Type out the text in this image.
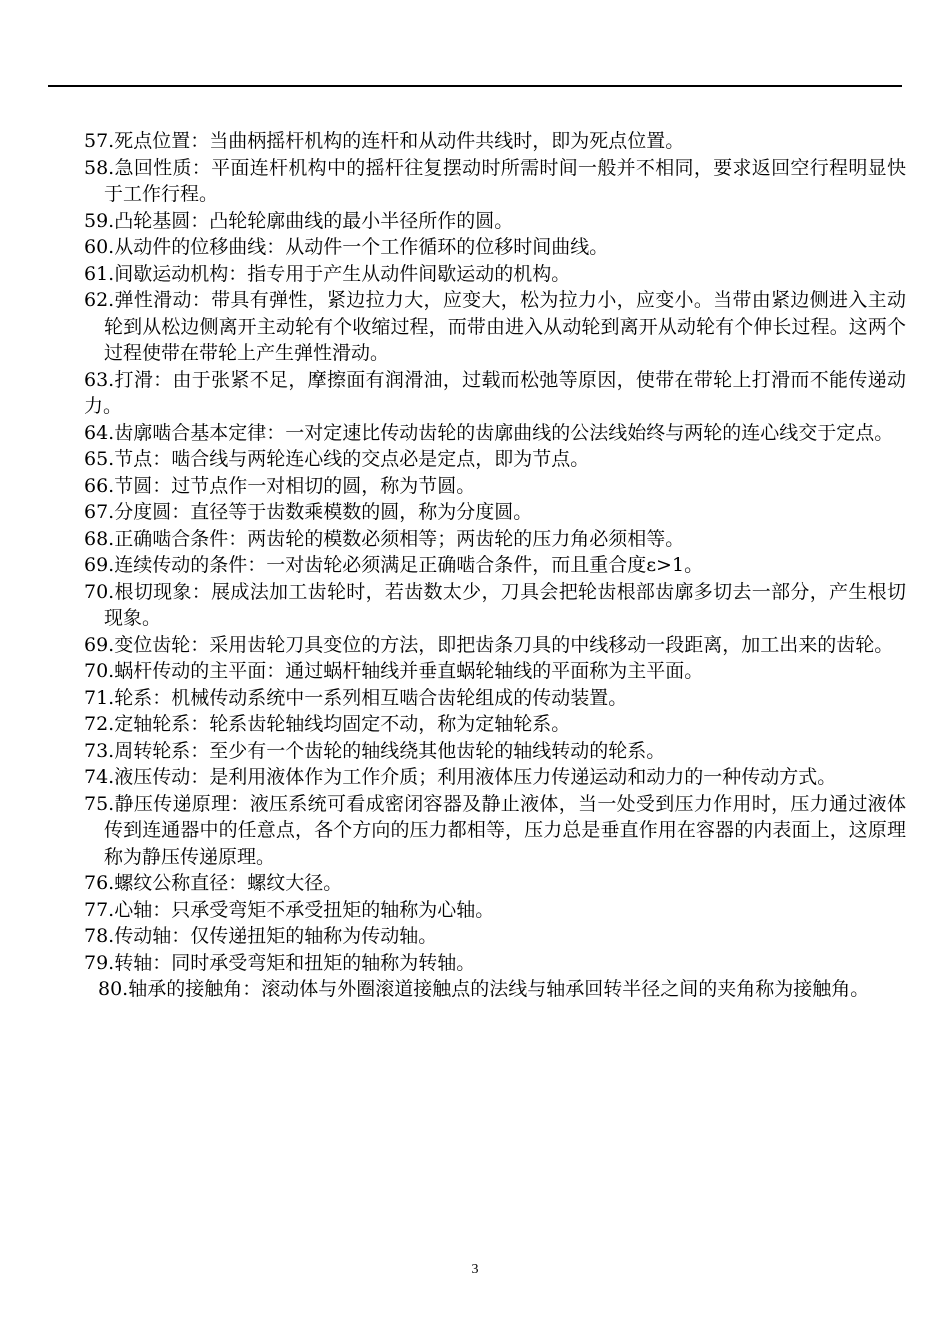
57.死点位置：当曲柄摇杆机构的连杆和从动件共线时，即为死点位置。

58.急回性质：平面连杆机构中的摇杆往复摆动时所需时间一般并不相同，要求返回空行程明显快于工作行程。

59.凸轮基圆：凸轮轮廓曲线的最小半径所作的圆。

60.从动件的位移曲线：从动件一个工作循环的位移时间曲线。

61.间歇运动机构：指专用于产生从动件间歇运动的机构。

62.弹性滑动：带具有弹性，紧边拉力大，应变大，松为拉力小，应变小。当带由紧边侧进入主动轮到从松边侧离开主动轮有个收缩过程，而带由进入从动轮到离开从动轮有个伸长过程。这两个过程使带在带轮上产生弹性滑动。

63.打滑：由于张紧不足，摩擦面有润滑油，过载而松弛等原因，使带在带轮上打滑而不能传递动力。

64.齿廓啮合基本定律：一对定速比传动齿轮的齿廓曲线的公法线始终与两轮的连心线交于定点。

65.节点：啮合线与两轮连心线的交点必是定点，即为节点。

66.节圆：过节点作一对相切的圆，称为节圆。

67.分度圆：直径等于齿数乘模数的圆，称为分度圆。

68.正确啮合条件：两齿轮的模数必须相等；两齿轮的压力角必须相等。

69.连续传动的条件：一对齿轮必须满足正确啮合条件，而且重合度ε>1。

70.根切现象：展成法加工齿轮时，若齿数太少，刀具会把轮齿根部齿廓多切去一部分，产生根切现象。

69.变位齿轮：采用齿轮刀具变位的方法，即把齿条刀具的中线移动一段距离，加工出来的齿轮。

70.蜗杆传动的主平面：通过蜗杆轴线并垂直蜗轮轴线的平面称为主平面。

71.轮系：机械传动系统中一系列相互啮合齿轮组成的传动装置。

72.定轴轮系：轮系齿轮轴线均固定不动，称为定轴轮系。

73.周转轮系：至少有一个齿轮的轴线绕其他齿轮的轴线转动的轮系。

74.液压传动：是利用液体作为工作介质；利用液体压力传递运动和动力的一种传动方式。

75.静压传递原理：液压系统可看成密闭容器及静止液体，当一处受到压力作用时，压力通过液体传到连通器中的任意点，各个方向的压力都相等，压力总是垂直作用在容器的内表面上，这原理称为静压传递原理。

76.螺纹公称直径：螺纹大径。

77.心轴：只承受弯矩不承受扭矩的轴称为心轴。

78.传动轴：仅传递扭矩的轴称为传动轴。

79.转轴：同时承受弯矩和扭矩的轴称为转轴。

80.轴承的接触角：滚动体与外圈滚道接触点的法线与轴承回转半径之间的夹角称为接触角。

3
